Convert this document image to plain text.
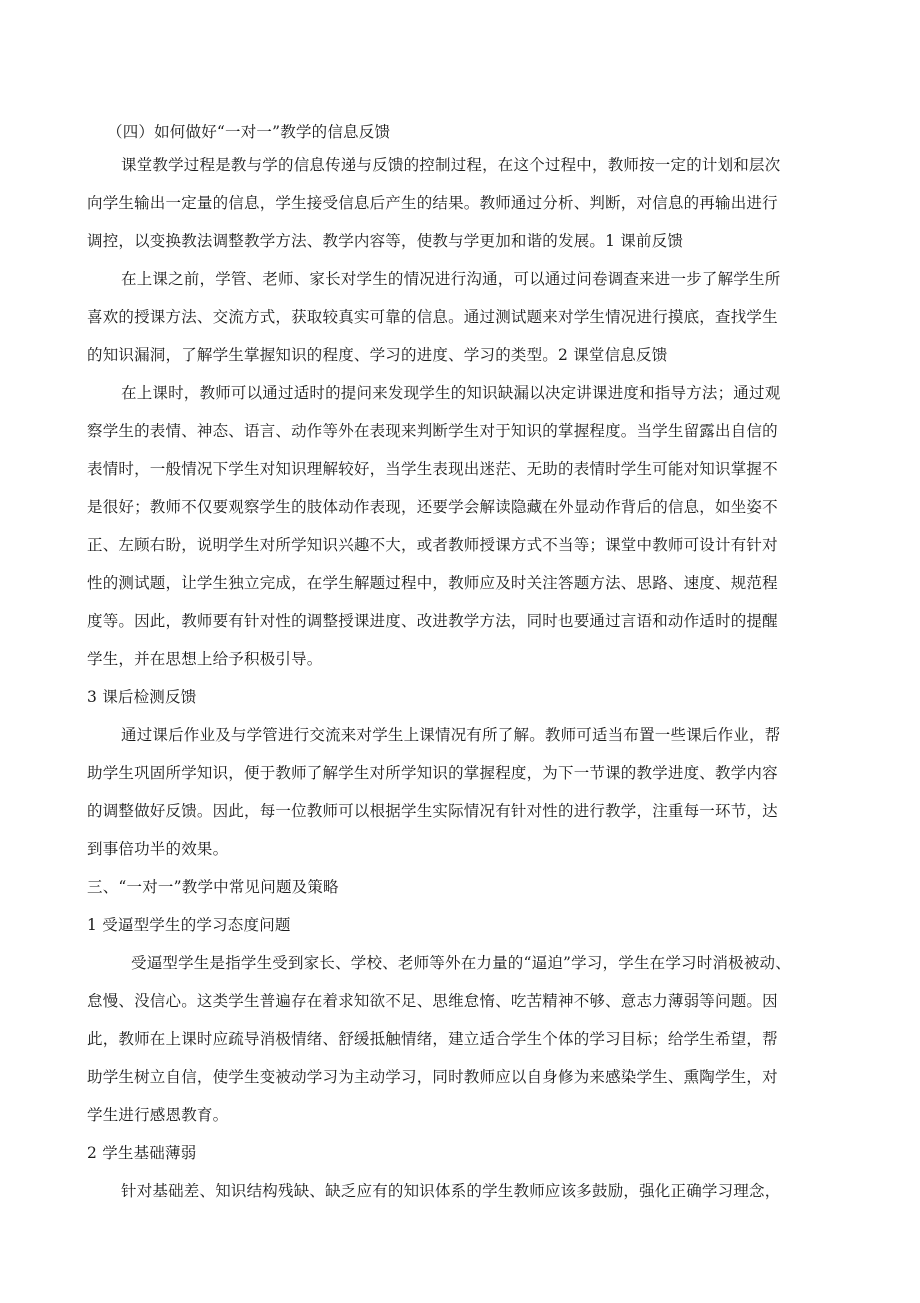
（四）如何做好“一对一”教学的信息反馈
课堂教学过程是教与学的信息传递与反馈的控制过程，在这个过程中，教师按一定的计划和层次
向学生输出一定量的信息，学生接受信息后产生的结果。教师通过分析、判断，对信息的再输出进行
调控，以变换教法调整教学方法、教学内容等，使教与学更加和谐的发展。1 课前反馈
在上课之前，学管、老师、家长对学生的情况进行沟通，可以通过问卷调查来进一步了解学生所
喜欢的授课方法、交流方式，获取较真实可靠的信息。通过测试题来对学生情况进行摸底，查找学生
的知识漏洞，了解学生掌握知识的程度、学习的进度、学习的类型。2 课堂信息反馈
在上课时，教师可以通过适时的提问来发现学生的知识缺漏以决定讲课进度和指导方法；通过观
察学生的表情、神态、语言、动作等外在表现来判断学生对于知识的掌握程度。当学生留露出自信的
表情时，一般情况下学生对知识理解较好，当学生表现出迷茫、无助的表情时学生可能对知识掌握不
是很好；教师不仅要观察学生的肢体动作表现，还要学会解读隐藏在外显动作背后的信息，如坐姿不
正、左顾右盼，说明学生对所学知识兴趣不大，或者教师授课方式不当等；课堂中教师可设计有针对
性的测试题，让学生独立完成，在学生解题过程中，教师应及时关注答题方法、思路、速度、规范程
度等。因此，教师要有针对性的调整授课进度、改进教学方法，同时也要通过言语和动作适时的提醒
学生，并在思想上给予积极引导。
3 课后检测反馈
通过课后作业及与学管进行交流来对学生上课情况有所了解。教师可适当布置一些课后作业，帮
助学生巩固所学知识，便于教师了解学生对所学知识的掌握程度，为下一节课的教学进度、教学内容
的调整做好反馈。因此，每一位教师可以根据学生实际情况有针对性的进行教学，注重每一环节，达
到事倍功半的效果。
三、“一对一”教学中常见问题及策略
1 受逼型学生的学习态度问题
受逼型学生是指学生受到家长、学校、老师等外在力量的“逼迫”学习，学生在学习时消极被动、
怠慢、没信心。这类学生普遍存在着求知欲不足、思维怠惰、吃苦精神不够、意志力薄弱等问题。因
此，教师在上课时应疏导消极情绪、舒缓抵触情绪，建立适合学生个体的学习目标；给学生希望，帮
助学生树立自信，使学生变被动学习为主动学习，同时教师应以自身修为来感染学生、熏陶学生，对
学生进行感恩教育。
2 学生基础薄弱
针对基础差、知识结构残缺、缺乏应有的知识体系的学生教师应该多鼓励，强化正确学习理念，
